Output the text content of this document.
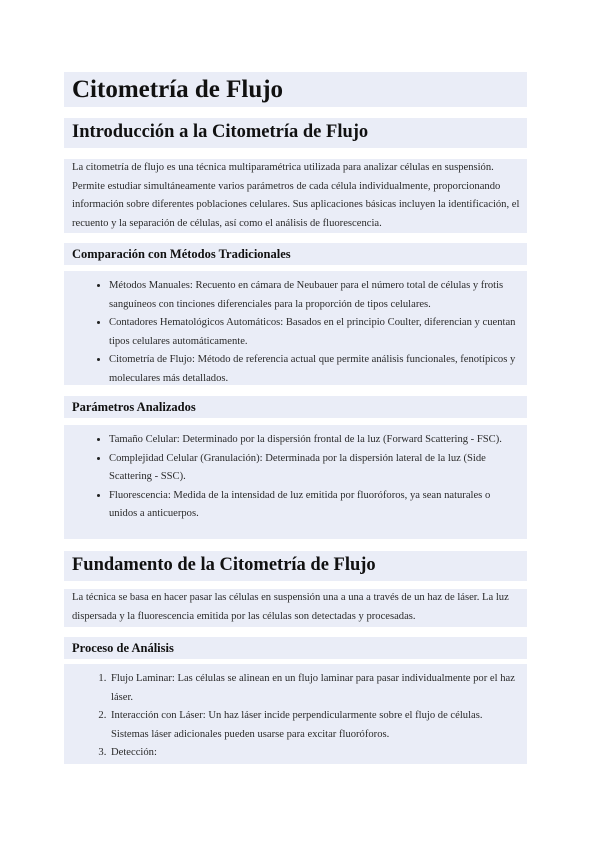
Citometría de Flujo
Introducción a la Citometría de Flujo
La citometría de flujo es una técnica multiparamétrica utilizada para analizar células en suspensión. Permite estudiar simultáneamente varios parámetros de cada célula individualmente, proporcionando información sobre diferentes poblaciones celulares. Sus aplicaciones básicas incluyen la identificación, el recuento y la separación de células, así como el análisis de fluorescencia.
Comparación con Métodos Tradicionales
• Métodos Manuales: Recuento en cámara de Neubauer para el número total de células y frotis sanguíneos con tinciones diferenciales para la proporción de tipos celulares.
• Contadores Hematológicos Automáticos: Basados en el principio Coulter, diferencian y cuentan tipos celulares automáticamente.
• Citometría de Flujo: Método de referencia actual que permite análisis funcionales, fenotípicos y moleculares más detallados.
Parámetros Analizados
• Tamaño Celular: Determinado por la dispersión frontal de la luz (Forward Scattering - FSC).
• Complejidad Celular (Granulación): Determinada por la dispersión lateral de la luz (Side Scattering - SSC).
• Fluorescencia: Medida de la intensidad de luz emitida por fluoróforos, ya sean naturales o unidos a anticuerpos.
Fundamento de la Citometría de Flujo
La técnica se basa en hacer pasar las células en suspensión una a una a través de un haz de láser. La luz dispersada y la fluorescencia emitida por las células son detectadas y procesadas.
Proceso de Análisis
1. Flujo Laminar: Las células se alinean en un flujo laminar para pasar individualmente por el haz láser.
2. Interacción con Láser: Un haz láser incide perpendicularmente sobre el flujo de células. Sistemas láser adicionales pueden usarse para excitar fluoróforos.
3. Detección:
